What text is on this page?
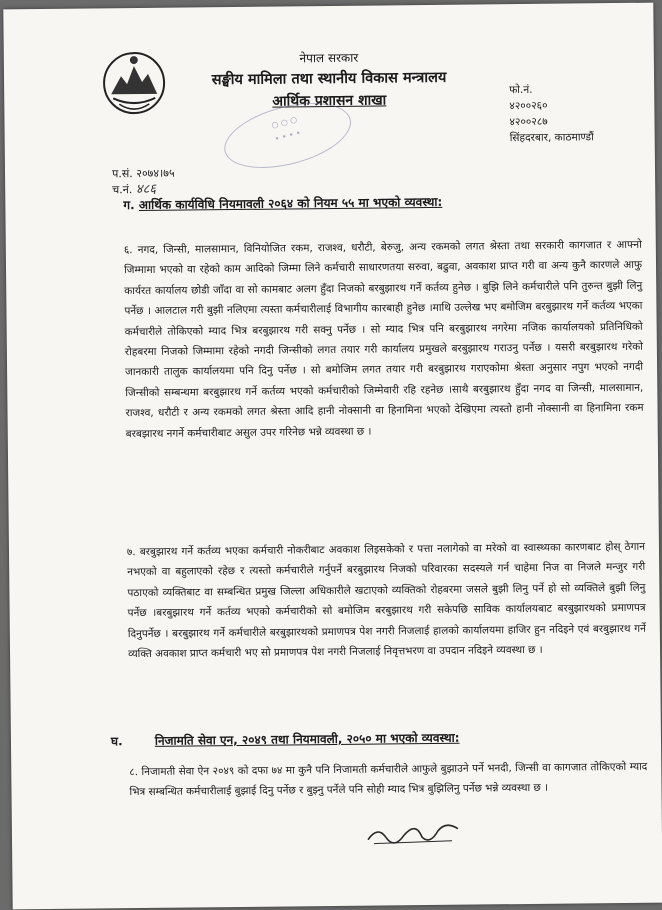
नेपाल सरकार
सङ्घीय मामिला तथा स्थानीय विकास मन्त्रालय
आर्थिक प्रशासन शाखा
फो.नं.
४२००२६०
४२००२८७
सिंहदरबार, काठमाण्डौं
○ ○ ○
• • • •
प.सं. २०७४।७५
च.नं. ४८६
ग. आर्थिक कार्यविधि नियमावली २०६४ को नियम ५५ मा भएको व्यवस्था:
६. नगद, जिन्सी, मालसामान, विनियोजित रकम, राजश्व, धरौटी, बेरुजु, अन्य रकमको लगत श्रेस्ता तथा सरकारी कागजात र आफ्नो जिम्मामा भएको वा रहेको काम आदिको जिम्मा लिने कर्मचारी साधारणतया सरुवा, बढुवा, अवकाश प्राप्त गरी वा अन्य कुनै कारणले आफु कार्यरत कार्यालय छोडी जाँदा वा सो कामबाट अलग हुँदा निजको बरबुझारथ गर्ने कर्तव्य हुनेछ । बुझि लिने कर्मचारीले पनि तुरुन्त बुझी लिनु पर्नेछ । आलटाल गरी बुझी नलिएमा त्यस्ता कर्मचारीलाई विभागीय कारबाही हुनेछ ।माथि उल्लेख भए बमोजिम बरबुझारथ गर्ने कर्तव्य भएका कर्मचारीले तोकिएको म्याद भित्र बरबुझारथ गरी सक्नु पर्नेछ । सो म्याद भित्र पनि बरबुझारथ नगरेमा नजिक कार्यालयको प्रतिनिधिको रोहबरमा निजको जिम्मामा रहेको नगदी जिन्सीको लगत तयार गरी कार्यालय प्रमुखले बरबुझारथ गराउनु पर्नेछ । यसरी बरबुझारथ गरेको जानकारी तालुक कार्यालयमा पनि दिनु पर्नेछ । सो बमोजिम लगत तयार गरी बरबुझारथ गराएकोमा श्रेस्ता अनुसार नपुग भएको नगदी जिन्सीको सम्बन्धमा बरबुझारथ गर्ने कर्तव्य भएको कर्मचारीको जिम्मेवारी रहि रहनेछ ।साथै बरबुझारथ हुँदा नगद वा जिन्सी, मालसामान, राजश्व, धरौटी र अन्य रकमको लगत श्रेस्ता आदि हानी नोक्सानी वा हिनामिना भएको देखिएमा त्यस्तो हानी नोक्सानी वा हिनामिना रकम बरबझारथ नगर्ने कर्मचारीबाट असुल उपर गरिनेछ भन्ने व्यवस्था छ ।
७. बरबुझारथ गर्ने कर्तव्य भएका कर्मचारी नोकरीबाट अवकाश लिइसकेको र पत्ता नलागेको वा मरेको वा स्वास्थ्यका कारणबाट होस् ठेगान नभएको वा बहुलाएको रहेछ र त्यस्तो कर्मचारीले गर्नुपर्ने बरबुझारथ निजको परिवारका सदस्यले गर्न चाहेमा निज वा निजले मन्जुर गरी पठाएको व्यक्तिबाट वा सम्बन्धित प्रमुख जिल्ला अधिकारीले खटाएको व्यक्तिको रोहबरमा जसले बुझी लिनु पर्ने हो सो व्यक्तिले बुझी लिनु पर्नेछ ।बरबुझारथ गर्ने कर्तव्य भएको कर्मचारीको सो बमोजिम बरबुझारथ गरी सकेपछि साविक कार्यालयबाट बरबुझारथको प्रमाणपत्र दिनुपर्नेछ । बरबुझारथ गर्ने कर्मचारीले बरबुझारथको प्रमाणपत्र पेश नगरी निजलाई हालको कार्यालयमा हाजिर हुन नदिइने एवं बरबुझारथ गर्ने व्यक्ति अवकाश प्राप्त कर्मचारी भए सो प्रमाणपत्र पेश नगरी निजलाई निवृत्तभरण वा उपदान नदिइने व्यवस्था छ ।
घ.	निजामति सेवा एन, २०४९ तथा नियमावली, २०५० मा भएको व्यवस्था:
८. निजामती सेवा ऐन २०४९ को दफा ७४ मा कुनै पनि निजामती कर्मचारीले आफुले बुझाउने पर्ने भनदी, जिन्सी वा कागजात तोकिएको म्याद भित्र सम्बन्धित कर्मचारीलाई बुझाई दिनु पर्नेछ र बुझ्नु पर्नेले पनि सोही म्याद भित्र बुझिलिनु पर्नेछ भन्ने व्यवस्था छ ।
